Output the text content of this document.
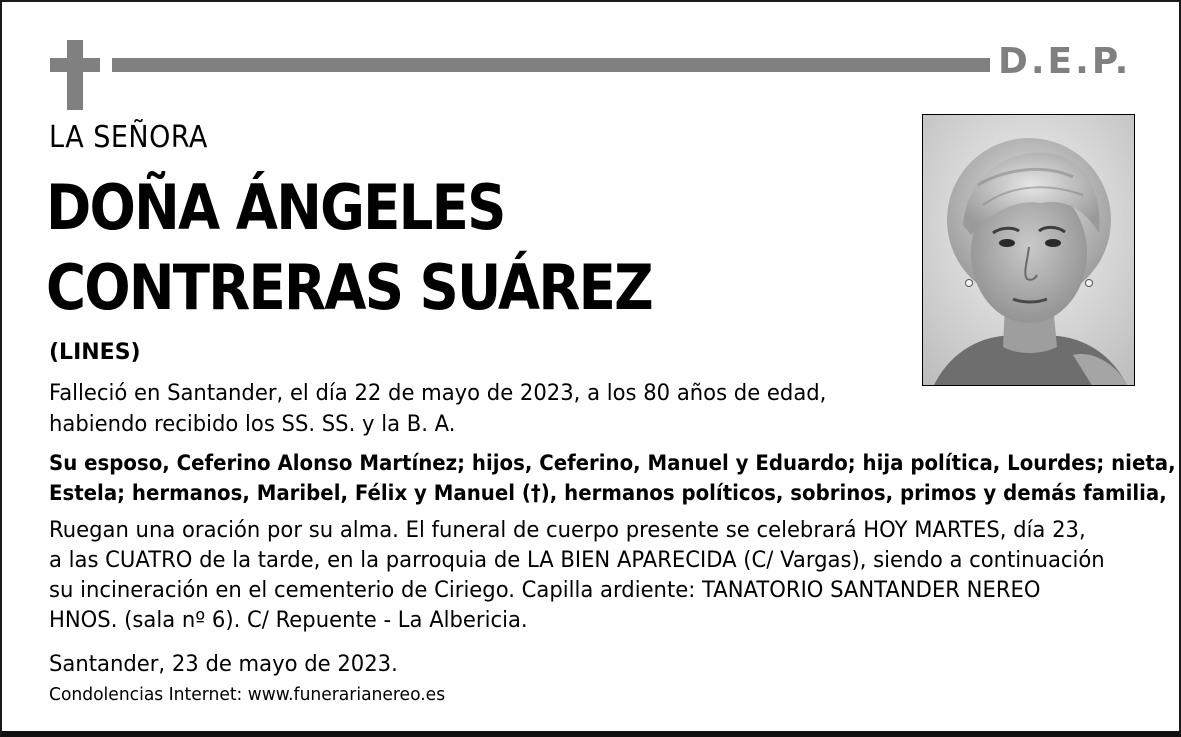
D.E.P.
LA SEÑORA
DOÑA ÁNGELES
CONTRERAS SUÁREZ
(LINES)
Falleció en Santander, el día 22 de mayo de 2023, a los 80 años de edad,
habiendo recibido los SS. SS. y la B. A.
Su esposo, Ceferino Alonso Martínez; hijos, Ceferino, Manuel y Eduardo; hija política, Lourdes; nieta,
Estela; hermanos, Maribel, Félix y Manuel (†), hermanos políticos, sobrinos, primos y demás familia,
Ruegan una oración por su alma. El funeral de cuerpo presente se celebrará HOY MARTES, día 23,
a las CUATRO de la tarde, en la parroquia de LA BIEN APARECIDA (C/ Vargas), siendo a continuación
su incineración en el cementerio de Ciriego. Capilla ardiente: TANATORIO SANTANDER NEREO
HNOS. (sala nº 6). C/ Repuente - La Albericia.
Santander, 23 de mayo de 2023.
Condolencias Internet: www.funerarianereo.es
